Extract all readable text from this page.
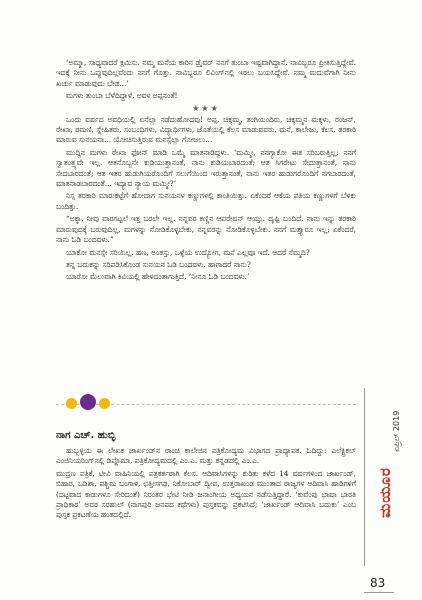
‘ಅಮ್ಮಾ, ಸಾಧ್ಯವಾದರೆ ಕ್ಷಮಿಸು. ನಮ್ಮ ಮನೆಯ ಕಾರಿನ ಡ್ರೈವರ್ ನನಗೆ ತುಂಬಾ ಇಷ್ಟವಾಗಿದ್ದಾನೆ. ನಾವಿಬ್ಬರೂ ಪ್ರೀತಿಸುತ್ತಿದ್ದೇವೆ. ಇದಕ್ಕೆ ನೀನು ಒಪ್ಪುವುದಿಲ್ಲವೆಂದು ನನಗೆ ಗೊತ್ತು. ನಾವಿಬ್ಬರೂ ಲಿವಿಂಗ್‌ನಲ್ಲಿ ಇರಲು ಬಯಸಿದ್ದೇವೆ. ನಮ್ಮ ಮದುವೆಗಾಗಿ ನೀನು ಖರ್ಚು ಮಾಡುವುದು ಬೇಡ...’

ಮಗಳು ತುಂಬಾ ಬೆಳೆದಿದ್ದಾಳೆ, ಅವಳ ಅಪ್ಪನಂತೆ!

★★★

ಒಂದು ವರ್ಷದ ಅವಧಿಯಲ್ಲಿ ಏನೆಲ್ಲಾ ನಡೆದುಹೋದವು! ಅಪ್ಪ, ಚಿಕ್ಕಮ್ಮ, ತಂಗಿಯಂದಿರು, ಚಿಕ್ಕಮ್ಮನ ಮಕ್ಕಳು, ರಂಜನ್, ರೇಖಾ, ರಮಣಿ, ಸ್ನೇಹಿತರು, ಸಂಬಂಧಿಗಳು, ವಿದ್ಯಾರ್ಥಿಗಳು, ಜೊತೆಯಲ್ಲಿ ಕೆಲಸ ಮಾಡುವವರು, ಮನೆ, ಕಾಲೇಜು, ಕೆಲಸ, ತರಕಾರಿ ಮಾರುವ ಸುನಯನಾ... ಯೋಚಿಸುತ್ತಿರುವ ಮನಸ್ಸೆಲ್ಲಾ ಗೋಜಲು...

ಮುದ್ದಿನ ಮಗಳು ರೇಖಾ ಫೋನ್ ಮಾಡಿ ಒಮ್ಮೆ ಮಾತನಾಡಿದ್ದಳು. ‘ಮಮ್ಮೀ, ನನಗ್ಯಾಕೋ ಈತ ಸರಿಬರುತ್ತಿಲ್ಲ; ನನಗೆ ಸ್ವಾತಂತ್ರ್ಯವೇ ಇಲ್ಲ. ಆತನೊಬ್ಬನೇ ಕುಡಿಯುತ್ತಾನಂತೆ, ನಾನು ಕುಡಿಯಬಾರದಂತೆ; ಆತ ಸಿಗರೇಟು ಸೇದುತ್ತಾನಂತೆ, ನಾನು ಸೇದಬಾರದಂತೆ; ಆತ ಇತರ ಹುಡುಗಿಯರೊಂದಿಗೆ ಸಲುಗೆಯಿಂದ ಇರುತ್ತಾನಂತೆ, ನಾನು ಇತರ ಹುಡುಗರೊಂದಿಗೆ ನಗಬಾರದಂತೆ, ಮಾತನಾಡಬಾರದಂತೆ... ಇದ್ಯಾವ ನ್ಯಾಯ ಮಮ್ಮೀ?’

ನಿಸ್ಸ ತರಕಾರಿ ಮಾರುಕಟ್ಟೆಗೆ ಹೋದಾಗ ಸುನಯನಳ ಕಣ್ಣುಗಳಲ್ಲಿ ಕಾಂತಿಯಿತ್ತು. ಏಕೆಂದರೆ ಆಕೆಯ ಪತಿಯ ಕಣ್ಣುಗಳಿಗೆ ಬೆಳಕು ಬಂದಿತ್ತು.

“ಅಕ್ಕಾ, ನೀವು ವಾರಗಟ್ಟಲೆ ಇತ್ತ ಬರಲೇ ಇಲ್ಲ. ನನ್ನವರ ಕಣ್ಣಿನ ಆಪರೇಷನ್ ಆಯ್ತು. ದೃಷ್ಟಿ ಬಂದಿದೆ. ನಾನು ಇನ್ನು ತರಕಾರಿ ಮಾರುವುದಕ್ಕೆ ಬರುವುದಿಲ್ಲ, ಮಗಳನ್ನು ನೋಡಿಕೊಳ್ಳಬೇಕು, ನನ್ನವರನ್ನು ನೋಡಿಕೊಳ್ಳಬೇಕು. ನನಗೆ ಮತ್ತ್ಯಾರೂ ಇಲ್ಲ; ಏಕೆಂದರೆ, ನಾನು ಓಡಿ ಬಂದವಳು.”

ಯಾಕೋ ಮನಸ್ಸೇ ಸರಿಯಿಲ್ಲ. ಹಣ, ಅಂತಸ್ತು, ಒಳ್ಳೆಯ ಉದ್ಯೋಗ, ಮನೆ ಎಲ್ಲವೂ ಇದೆ. ಆದರೆ ನೆಮ್ಮದಿ?

ತನ್ನ ಬದುಕನ್ನು ಸರಿಪಡಿಸಿಕೊಂಡ ಸುನಯನ ಓಡಿ ಬಂದವಳು. ಹಾಗಾದರೆ ನಾನು?

ಯಾರೋ ಮೆಲುವಾಗಿ ಕಿವಿಯಲ್ಲಿ ಹೇಳಿದಂತಾಗುತ್ತಿದೆ, ‘ನೀನೂ ಓಡಿ ಬಂದವಳು.’

ನಾಗ ಎಚ್. ಹುಬ್ಳಿ

ಹುಬ್ಬಳ್ಳಿಯ ಈ ಲೇಖಕ ಜಾರ್ಖಂಡ್‌ನ ರಾಂಚಿ ಕಾಲೇಜಿನ ಪತ್ರಿಕೋದ್ಯಮ ವಿಭಾಗದ ಪ್ರಾಧ್ಯಾಪಕ. ಓದಿದ್ದು: ಎಲೆಕ್ಟ್ರಿಕಲ್ ಎಂಜಿನಿಯರಿಂಗ್‌ನಲ್ಲಿ ಡಿಪ್ಲೊಮಾ, ಪತ್ರಿಕೋದ್ಯಮದಲ್ಲಿ ಎಂ.ಎ. ಮತ್ತು ಕನ್ನಡದಲ್ಲಿ ಎಂ.ಎ.

ಮುದ್ರಣ ಪತ್ರಿಕೆ, ಟೀವಿ ವಾಹಿನಿಯಲ್ಲಿ ಪತ್ರಕರ್ತರಾಗಿ ಕೆಲಸ. ಆದಿವಾಸಿಗಳನ್ನು ಕುರಿತು ಕಳೆದ 14 ವರ್ಷಗಳಿಂದ ಜಾರ್ಖಂಡ್, ಬಿಹಾರ, ಒಡಿಶಾ, ಪಶ್ಚಿಮ ಬಂಗಾಳ, ಛತ್ತೀಸಗಢ, ನಿಕೋಬಾರ್ ದ್ವೀಪ, ಉತ್ತರಾಖಂಡ ಮುಂತಾದ ರಾಜ್ಯಗಳ ಆದಿವಾಸಿ ಹಾಡಿಗಳಿಗೆ (ದಟ್ಟವಾದ ಕಾಡುಗಳೂ ಸೇರಿದಂತೆ) ನಿರಂತರ ಭೇಟಿ ನೀಡಿ ಜನಾಂಗೀಯ ಅಧ್ಯಯನ ನಡೆಸುತ್ತಿದ್ದಾರೆ. ‘ಕುವೆಂಪು ಭಾಷಾ ಭಾರತಿ ಪ್ರಾಧಿಕಾರ’ ಅವರ ಸರಹುಲ್ (ನಾಗಪುರಿ ಜನಪದ ಕಥೆಗಳು) ಪುಸ್ತಕವನ್ನು ಪ್ರಕಟಿಸಿದೆ; ‘ಜಾರ್ಖಂಡ್ ಆದಿವಾಸಿ ಬದುಕು’ ಎಂಬ ಪುಸ್ತಕ ಪ್ರಕಟಣೆಯ ಹಂತದಲ್ಲಿದೆ.

ಏಪ್ರಿಲ್ 2019
ಮಯೂರ
83
